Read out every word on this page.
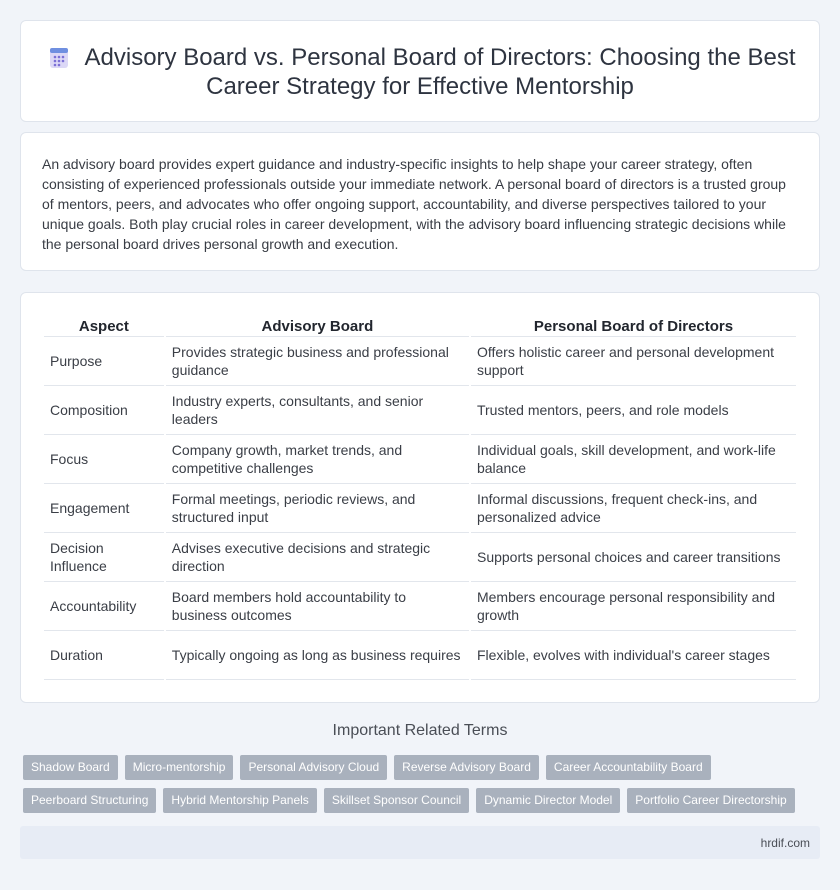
Advisory Board vs. Personal Board of Directors: Choosing the Best
Career Strategy for Effective Mentorship

An advisory board provides expert guidance and industry-specific insights to help shape your career strategy, often consisting of experienced professionals outside your immediate network. A personal board of directors is a trusted group of mentors, peers, and advocates who offer ongoing support, accountability, and diverse perspectives tailored to your unique goals. Both play crucial roles in career development, with the advisory board influencing strategic decisions while the personal board drives personal growth and execution.

Aspect	Advisory Board	Personal Board of Directors
Purpose	Provides strategic business and professional guidance	Offers holistic career and personal development support
Composition	Industry experts, consultants, and senior leaders	Trusted mentors, peers, and role models
Focus	Company growth, market trends, and competitive challenges	Individual goals, skill development, and work-life balance
Engagement	Formal meetings, periodic reviews, and structured input	Informal discussions, frequent check-ins, and personalized advice
Decision Influence	Advises executive decisions and strategic direction	Supports personal choices and career transitions
Accountability	Board members hold accountability to business outcomes	Members encourage personal responsibility and growth
Duration	Typically ongoing as long as business requires	Flexible, evolves with individual's career stages
Important Related Terms
Shadow Board	Micro-mentorship	Personal Advisory Cloud	Reverse Advisory Board	Career Accountability Board
Peerboard Structuring	Hybrid Mentorship Panels	Skillset Sponsor Council	Dynamic Director Model	Portfolio Career Directorship
hrdif.com
